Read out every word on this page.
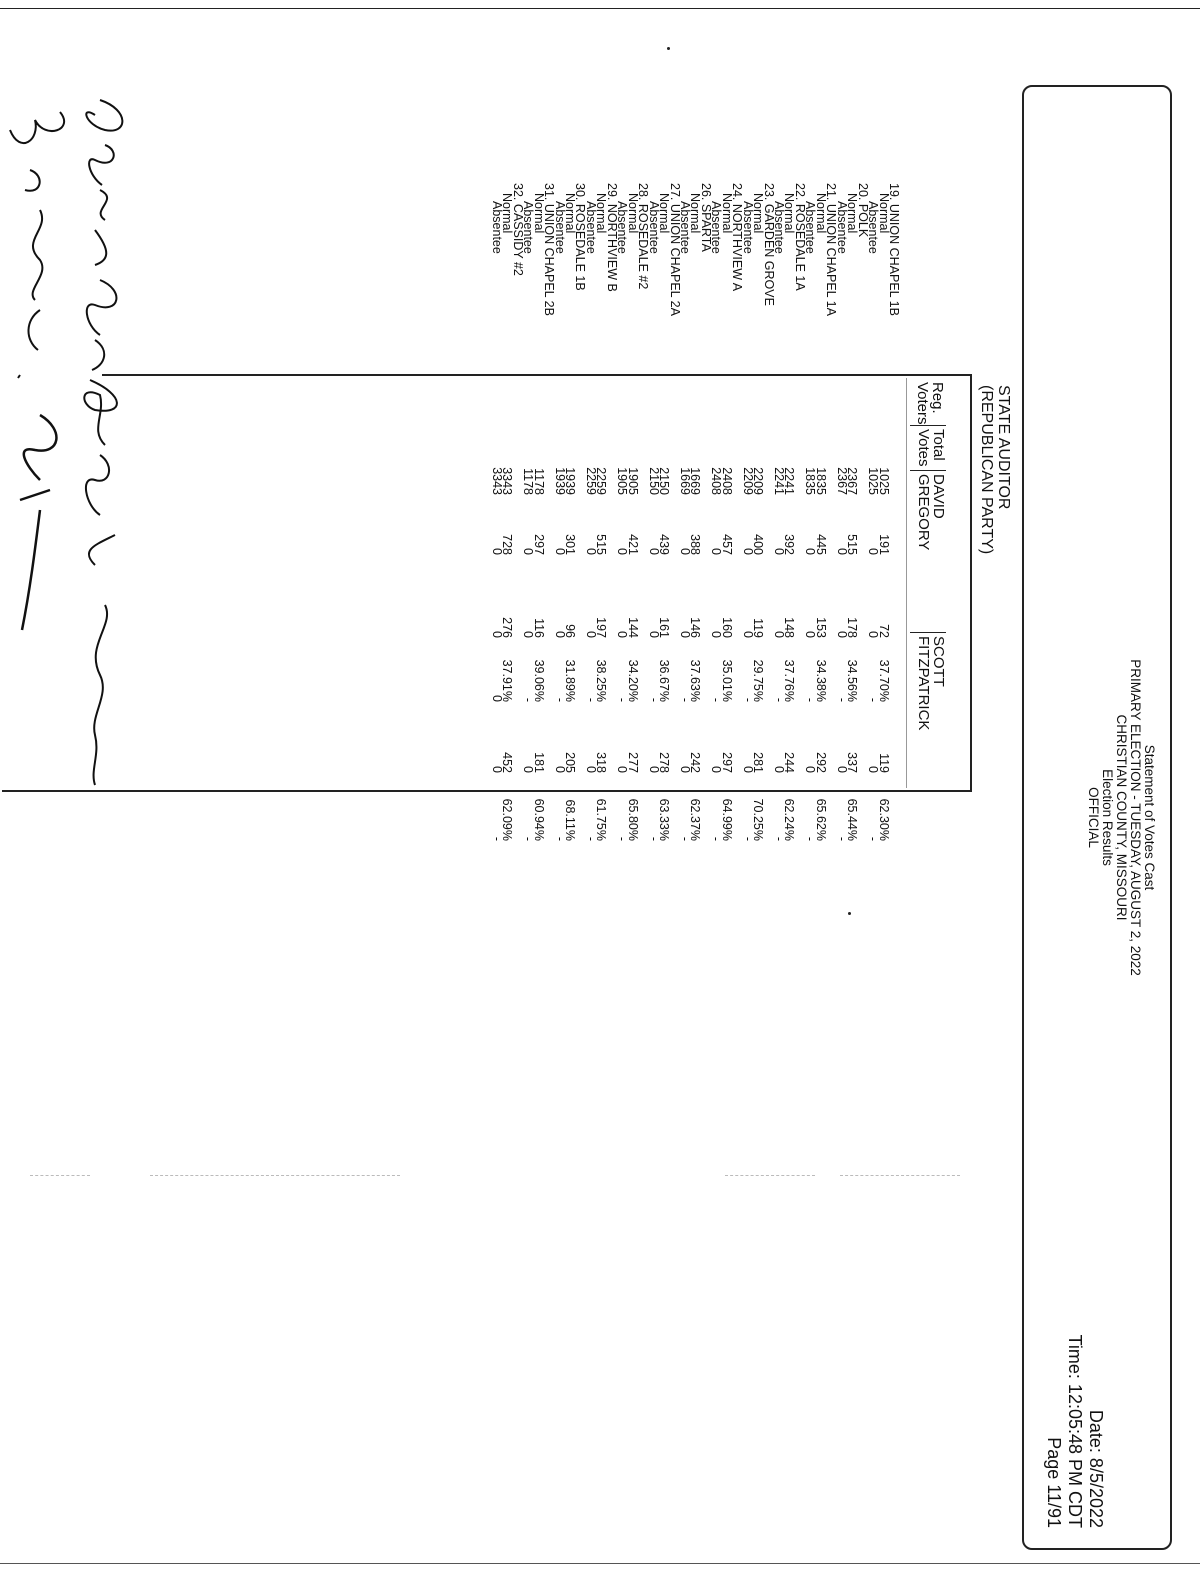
Statement of Votes Cast
PRIMARY ELECTION - TUESDAY, AUGUST 2, 2022
CHRISTIAN COUNTY, MISSOURI
Election Results
OFFICIAL
Date: 8/5/2022
Time: 12:05:48 PM CDT
Page 11/91
STATE AUDITOR
(REPUBLICAN PARTY)
Reg.
Voters
Total
Votes
DAVID
GREGORY
SCOTT
FITZPATRICK
19. UNION CHAPEL 1B
Normal
1025
191
72
37.70%
119
62.30%
Absentee
1025
0
0
-
0
-
20. POLK
Normal
2367
515
178
34.56%
337
65.44%
Absentee
2367
0
0
-
0
-
21. UNION CHAPEL 1A
Normal
1835
445
153
34.38%
292
65.62%
Absentee
1835
0
0
-
0
-
22. ROSEDALE 1A
Normal
2241
392
148
37.76%
244
62.24%
Absentee
2241
0
0
-
0
-
23. GARDEN GROVE
Normal
2209
400
119
29.75%
281
70.25%
Absentee
2209
0
0
-
0
-
24. NORTHVIEW A
Normal
2408
457
160
35.01%
297
64.99%
Absentee
2408
0
0
-
0
-
26. SPARTA
Normal
1669
388
146
37.63%
242
62.37%
Absentee
1669
0
0
-
0
-
27. UNION CHAPEL 2A
Normal
2150
439
161
36.67%
278
63.33%
Absentee
2150
0
0
-
0
-
28. ROSEDALE #2
Normal
1905
421
144
34.20%
277
65.80%
Absentee
1905
0
0
-
0
-
29. NORTHVIEW B
Normal
2259
515
197
38.25%
318
61.75%
Absentee
2259
0
0
-
0
-
30. ROSEDALE 1B
Normal
1939
301
96
31.89%
205
68.11%
Absentee
1939
0
0
-
0
-
31. UNION CHAPEL 2B
Normal
1178
297
116
39.06%
181
60.94%
Absentee
1178
0
0
-
0
-
32. CASSIDY #2
Normal
3343
728
276
37.91%
452
62.09%
Absentee
3343
0
0
0
0
-
